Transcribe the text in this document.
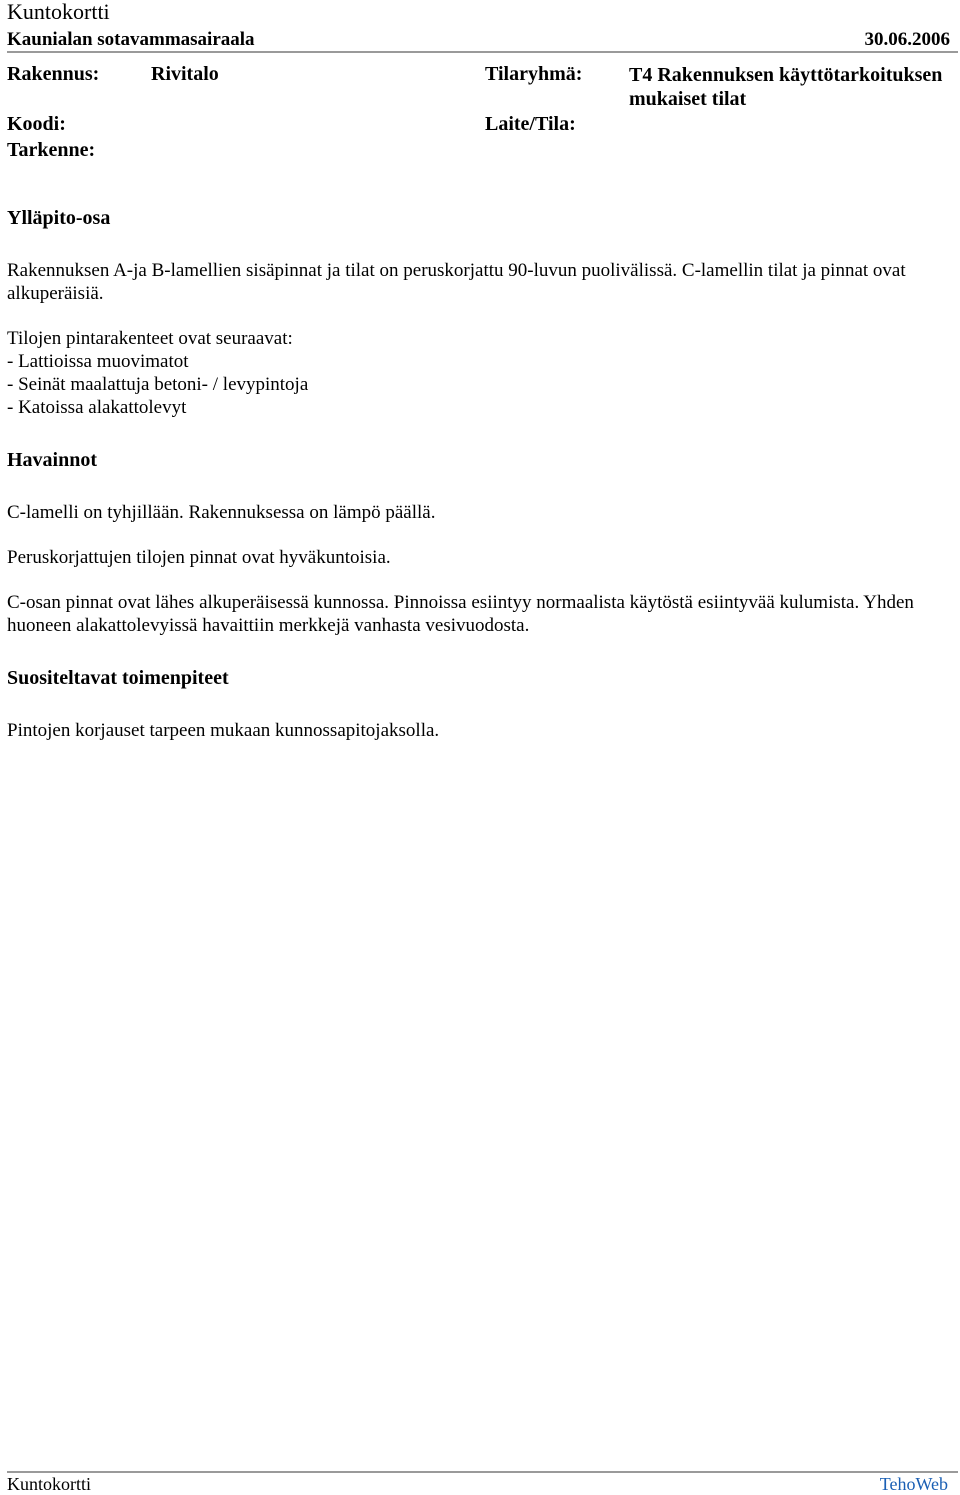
Kuntokortti
Kaunialan sotavammasairaala	30.06.2006
Rakennus:	Rivitalo	Tilaryhmä: T4 Rakennuksen käyttötarkoituksen mukaiset tilat
Koodi:	Laite/Tila:
Tarkenne:
Ylläpito-osa

Rakennuksen A-ja B-lamellien sisäpinnat ja tilat on peruskorjattu 90-luvun puolivälissä. C-lamellin tilat ja pinnat ovat alkuperäisiä.

Tilojen pintarakenteet ovat seuraavat:

- Lattioissa muovimatot
- Seinät maalattuja betoni- / levypintoja
- Katoissa alakattolevyt
Havainnot

C-lamelli on tyhjillään. Rakennuksessa on lämpö päällä.

Peruskorjattujen tilojen pinnat ovat hyväkuntoisia.

C-osan pinnat ovat lähes alkuperäisessä kunnossa. Pinnoissa esiintyy normaalista käytöstä esiintyvää kulumista. Yhden huoneen alakattolevyissä havaittiin merkkejä vanhasta vesivuodosta.

Suositeltavat toimenpiteet

Pintojen korjauset tarpeen mukaan kunnossapitojaksolla.

Kuntokortti	TehoWeb
